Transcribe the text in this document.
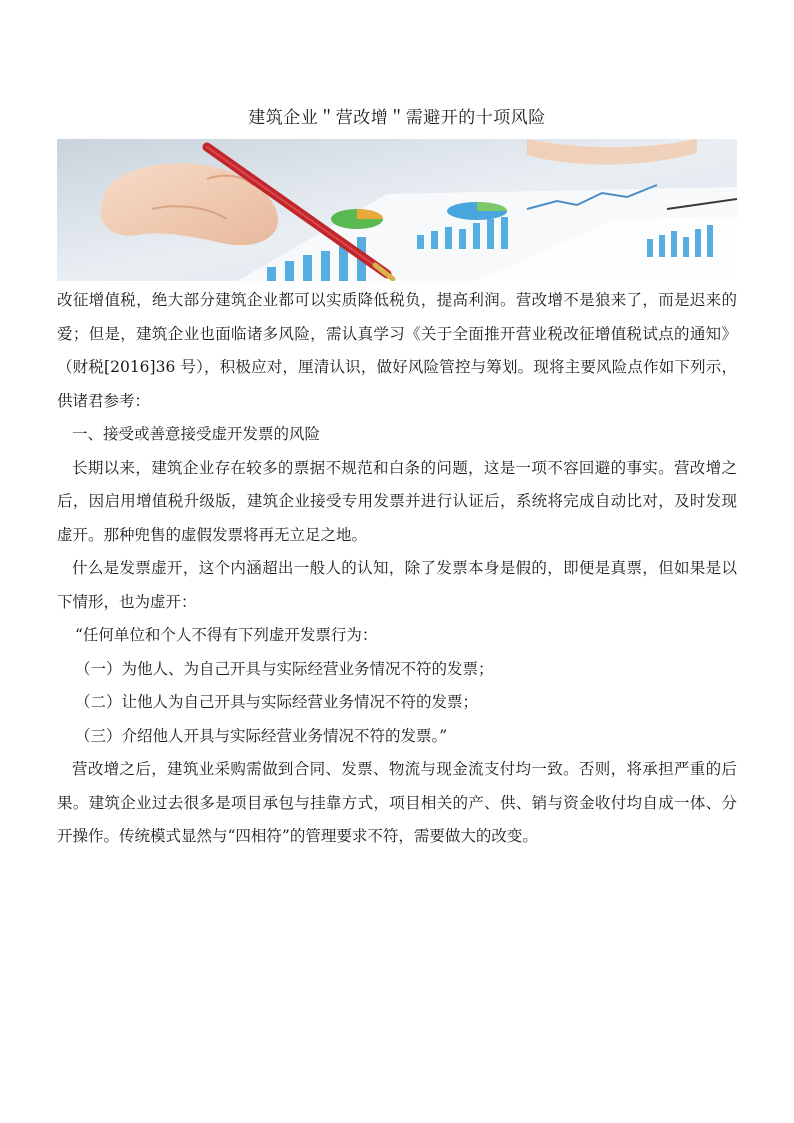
建筑企业＂营改增＂需避开的十项风险

改征增值税，绝大部分建筑企业都可以实质降低税负，提高利润。营改增不是狼来了，而是迟来的爱；但是，建筑企业也面临诸多风险，需认真学习《关于全面推开营业税改征增值税试点的通知》（财税[2016]36 号），积极应对，厘清认识，做好风险管控与筹划。现将主要风险点作如下列示，供诸君参考：

一、接受或善意接受虚开发票的风险

长期以来，建筑企业存在较多的票据不规范和白条的问题，这是一项不容回避的事实。营改增之后，因启用增值税升级版，建筑企业接受专用发票并进行认证后，系统将完成自动比对，及时发现虚开。那种兜售的虚假发票将再无立足之地。

什么是发票虚开，这个内涵超出一般人的认知，除了发票本身是假的，即便是真票，但如果是以下情形，也为虚开：

“任何单位和个人不得有下列虚开发票行为：

（一）为他人、为自己开具与实际经营业务情况不符的发票；

（二）让他人为自己开具与实际经营业务情况不符的发票；

（三）介绍他人开具与实际经营业务情况不符的发票。”

营改增之后，建筑业采购需做到合同、发票、物流与现金流支付均一致。否则，将承担严重的后果。建筑企业过去很多是项目承包与挂靠方式，项目相关的产、供、销与资金收付均自成一体、分开操作。传统模式显然与“四相符”的管理要求不符，需要做大的改变。
